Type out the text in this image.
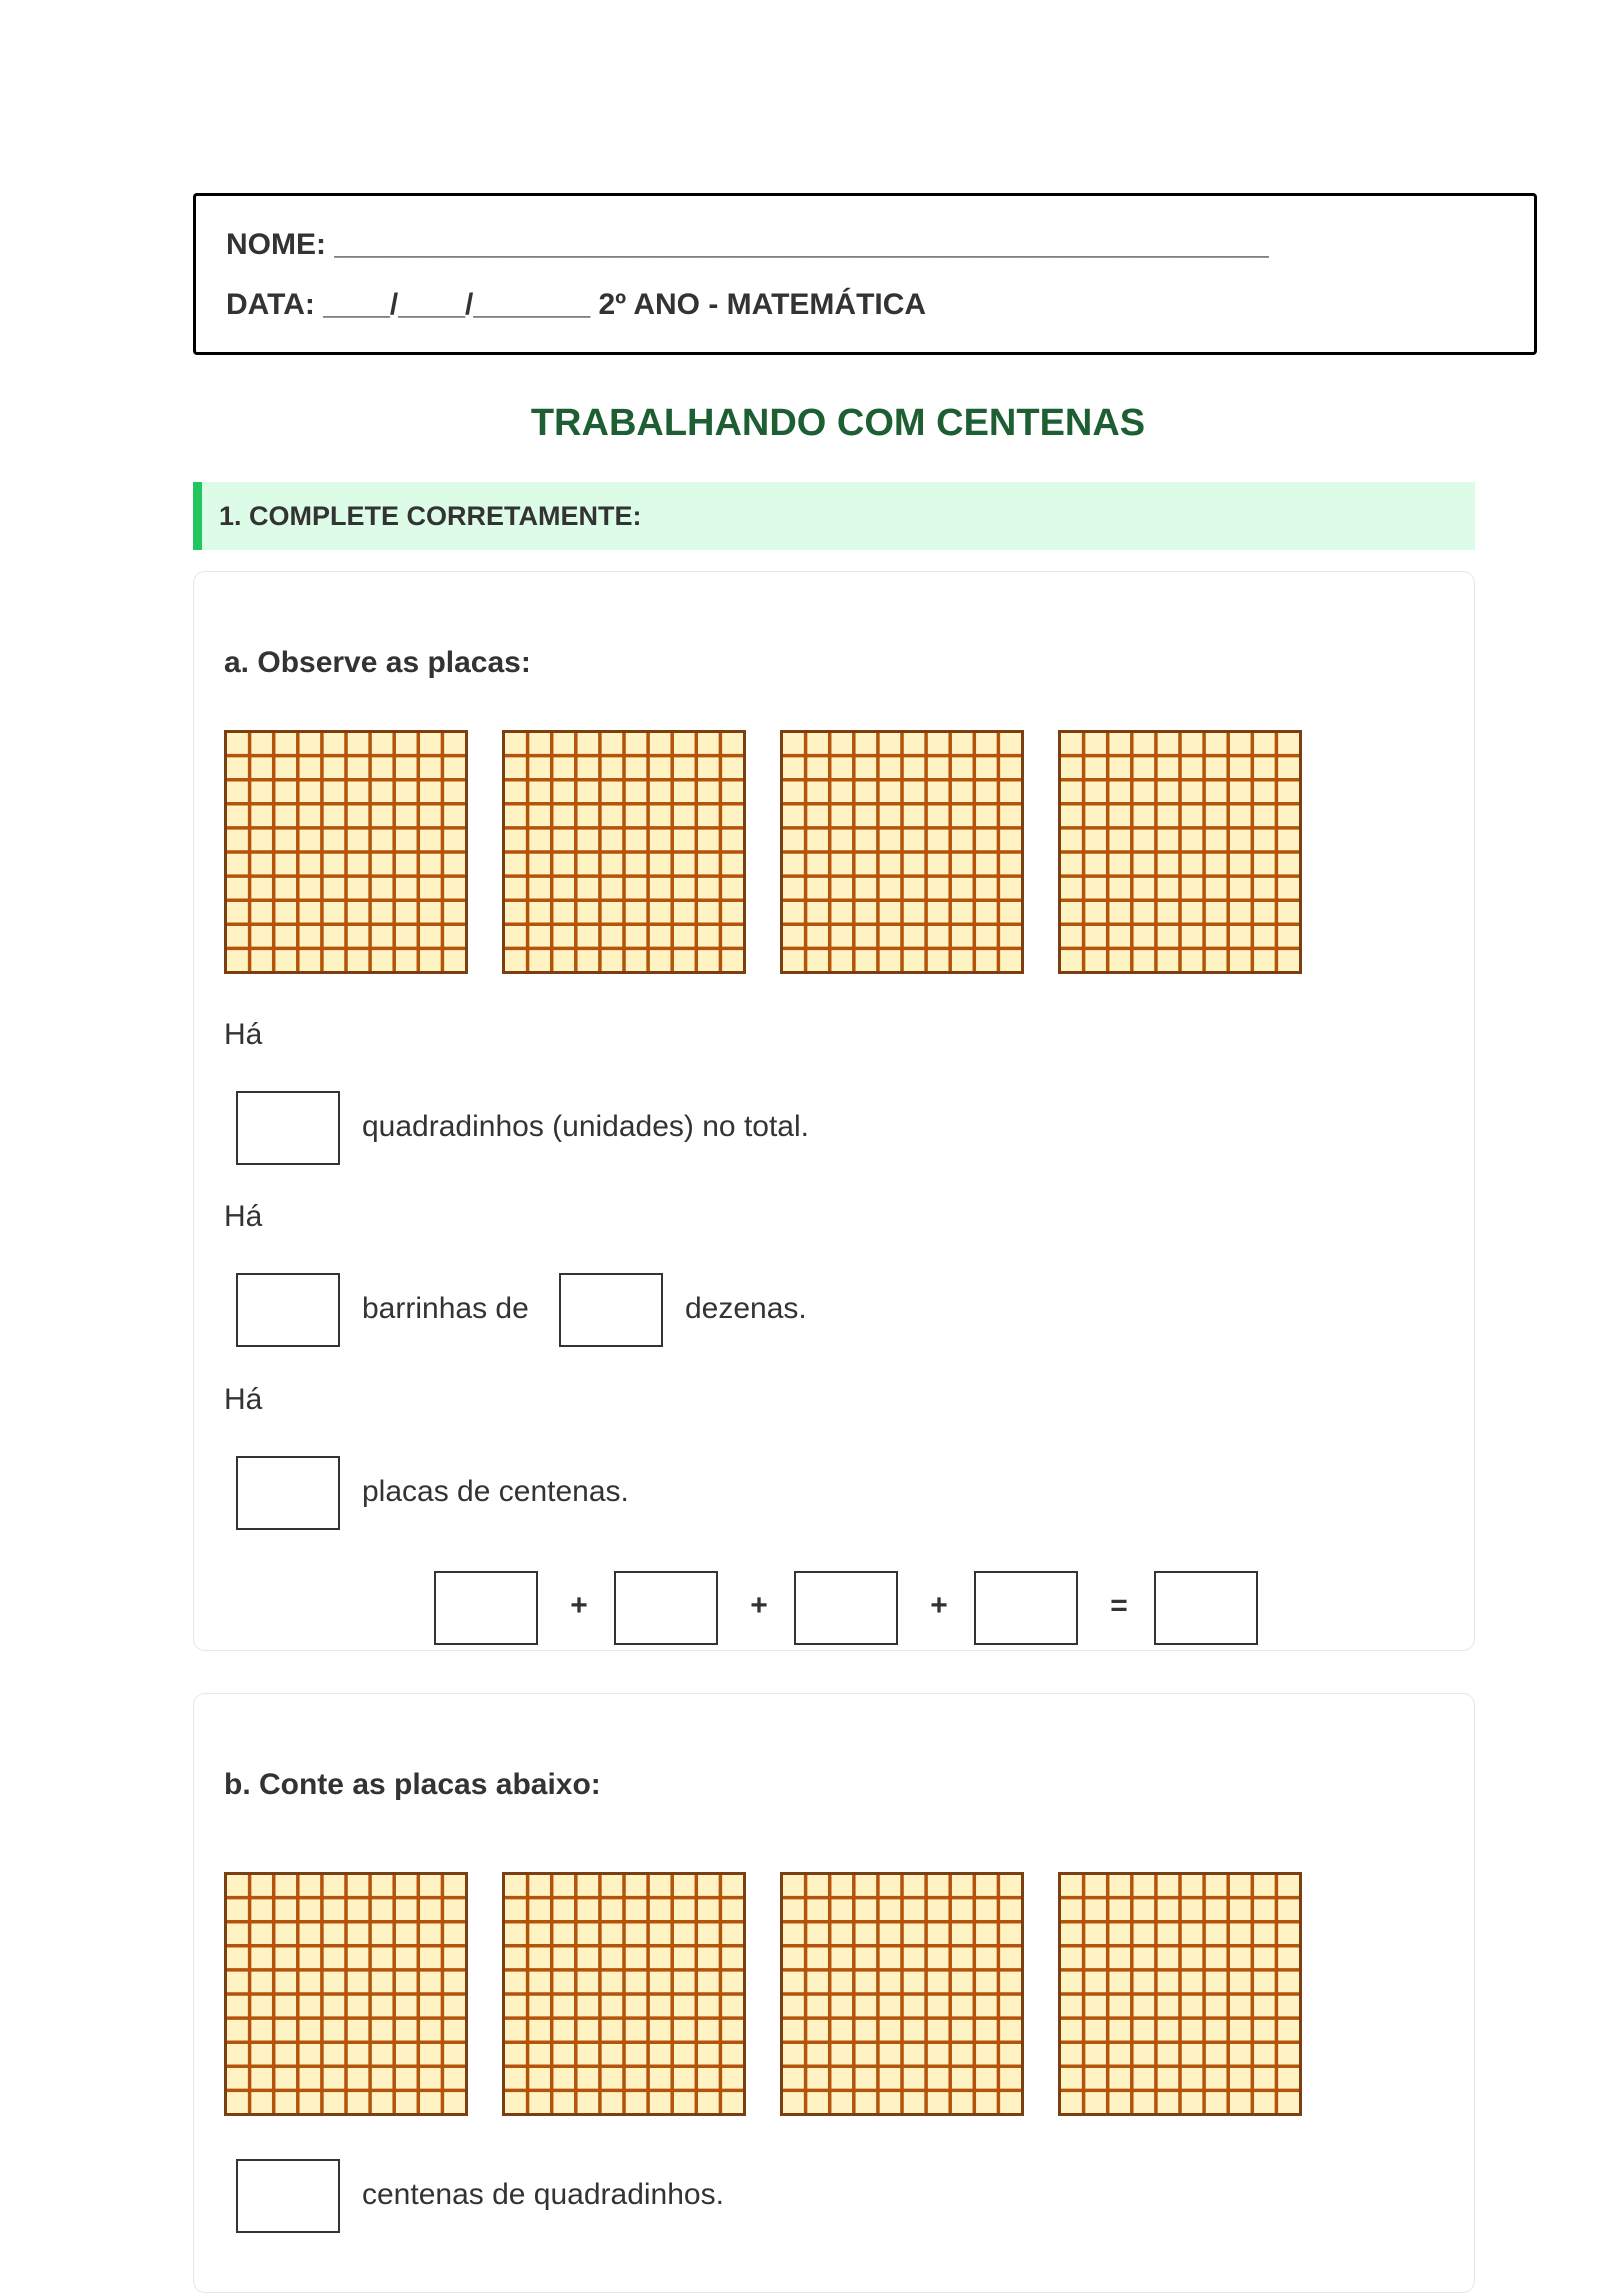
NOME: ________________________________________________________
DATA: ____/____/_______ 2º ANO - MATEMÁTICA
TRABALHANDO COM CENTENAS
1. COMPLETE CORRETAMENTE:
a. Observe as placas:
Há
quadradinhos (unidades) no total.
Há
barrinhas de	dezenas.
Há
placas de centenas.
+	+	+	=
b. Conte as placas abaixo:
centenas de quadradinhos.
